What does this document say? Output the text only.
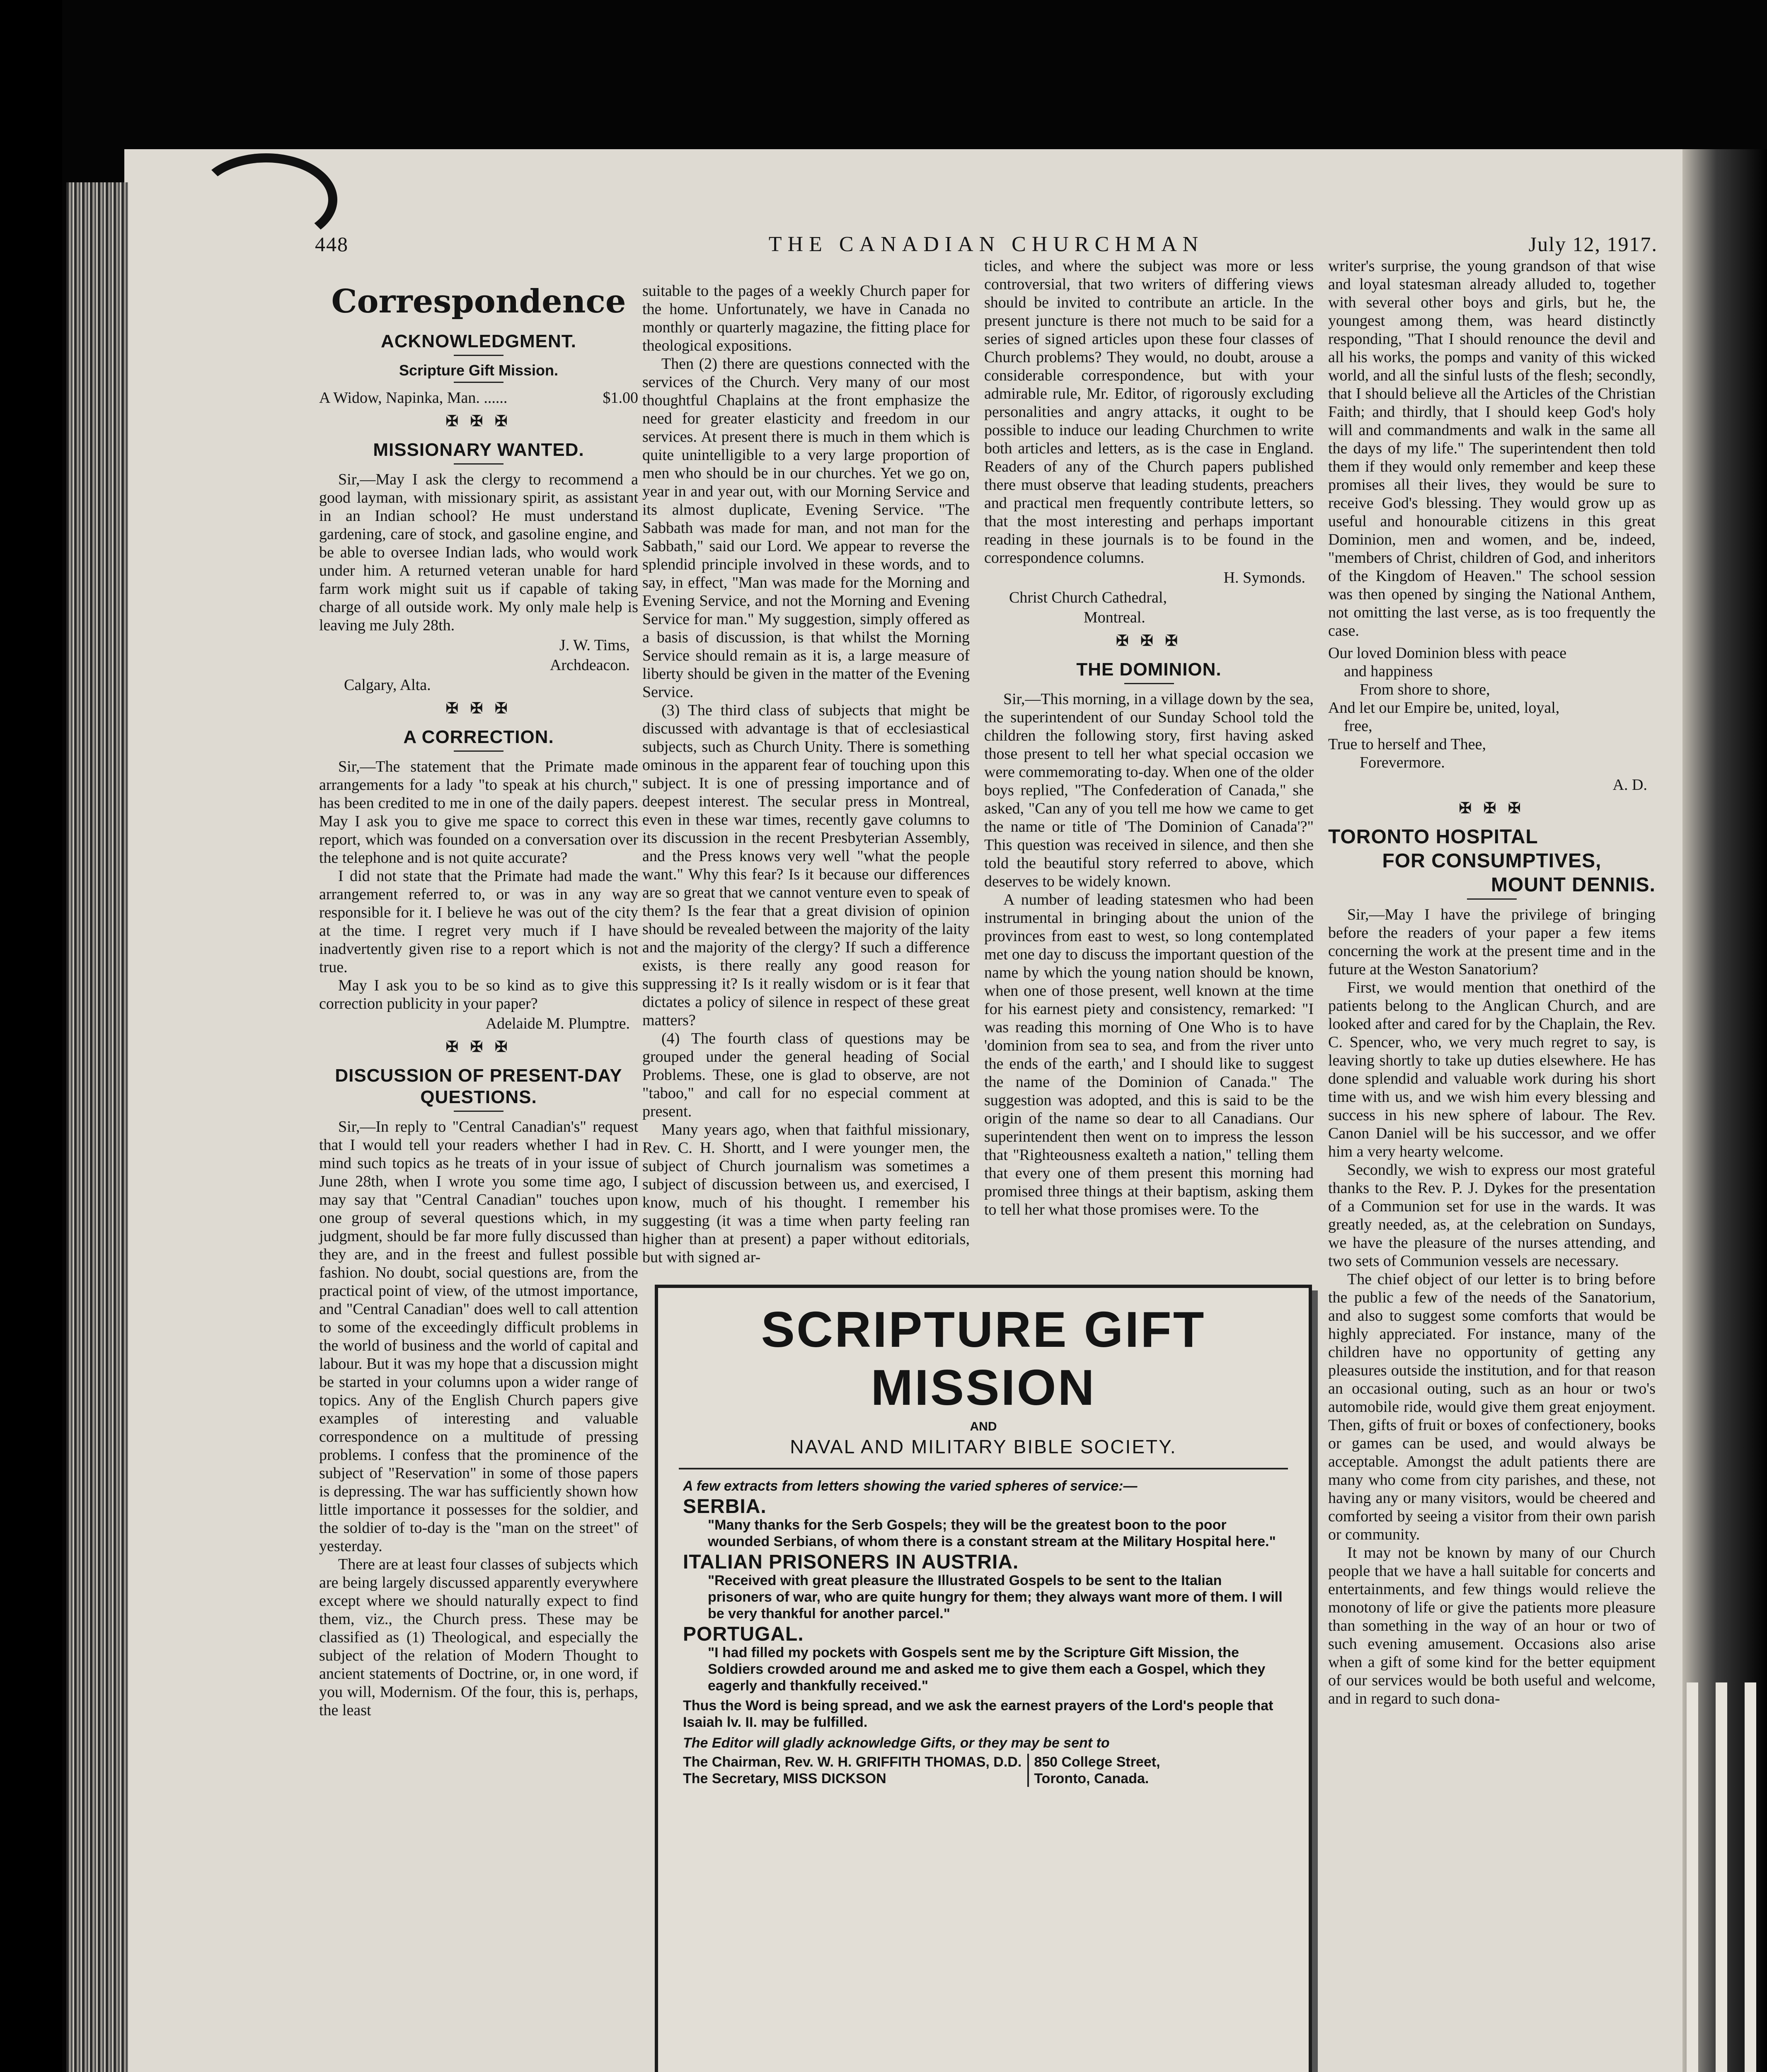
448	THE CANADIAN CHURCHMAN	July 12, 1917.
Correspondence
ACKNOWLEDGMENT.
Scripture Gift Mission.
A Widow, Napinka, Man. ......	$1.00
✠ ✠ ✠
MISSIONARY WANTED.

Sir,—May I ask the clergy to recommend a good layman, with missionary spirit, as assistant in an Indian school? He must understand gardening, care of stock, and gasoline engine, and be able to oversee Indian lads, who would work under him. A returned veteran unable for hard farm work might suit us if capable of taking charge of all outside work. My only male help is leaving me July 28th.

J. W. Tims,
Archdeacon.
Calgary, Alta.
✠ ✠ ✠
A CORRECTION.

Sir,—The statement that the Primate made arrangements for a lady "to speak at his church," has been credited to me in one of the daily papers. May I ask you to give me space to correct this report, which was founded on a conversation over the telephone and is not quite accurate?

I did not state that the Primate had made the arrangement referred to, or was in any way responsible for it. I believe he was out of the city at the time. I regret very much if I have inadvertently given rise to a report which is not true.

May I ask you to be so kind as to give this correction publicity in your paper?

Adelaide M. Plumptre.
✠ ✠ ✠
DISCUSSION OF PRESENT-DAY QUESTIONS.

Sir,—In reply to "Central Canadian's" request that I would tell your readers whether I had in mind such topics as he treats of in your issue of June 28th, when I wrote you some time ago, I may say that "Central Canadian" touches upon one group of several questions which, in my judgment, should be far more fully discussed than they are, and in the freest and fullest possible fashion. No doubt, social questions are, from the practical point of view, of the utmost importance, and "Central Canadian" does well to call attention to some of the exceedingly difficult problems in the world of business and the world of capital and labour. But it was my hope that a discussion might be started in your columns upon a wider range of topics. Any of the English Church papers give examples of interesting and valuable correspondence on a multitude of pressing problems. I confess that the prominence of the subject of "Reservation" in some of those papers is depressing. The war has sufficiently shown how little importance it possesses for the soldier, and the soldier of to-day is the "man on the street" of yesterday.

There are at least four classes of subjects which are being largely discussed apparently everywhere except where we should naturally expect to find them, viz., the Church press. These may be classified as (1) Theological, and especially the subject of the relation of Modern Thought to ancient statements of Doctrine, or, in one word, if you will, Modernism. Of the four, this is, perhaps, the least

suitable to the pages of a weekly Church paper for the home. Unfortunately, we have in Canada no monthly or quarterly magazine, the fitting place for theological expositions.

Then (2) there are questions connected with the services of the Church. Very many of our most thoughtful Chaplains at the front emphasize the need for greater elasticity and freedom in our services. At present there is much in them which is quite unintelligible to a very large proportion of men who should be in our churches. Yet we go on, year in and year out, with our Morning Service and its almost duplicate, Evening Service. "The Sabbath was made for man, and not man for the Sabbath," said our Lord. We appear to reverse the splendid principle involved in these words, and to say, in effect, "Man was made for the Morning and Evening Service, and not the Morning and Evening Service for man." My suggestion, simply offered as a basis of discussion, is that whilst the Morning Service should remain as it is, a large measure of liberty should be given in the matter of the Evening Service.

(3) The third class of subjects that might be discussed with advantage is that of ecclesiastical subjects, such as Church Unity. There is something ominous in the apparent fear of touching upon this subject. It is one of pressing importance and of deepest interest. The secular press in Montreal, even in these war times, recently gave columns to its discussion in the recent Presbyterian Assembly, and the Press knows very well "what the people want." Why this fear? Is it because our differences are so great that we cannot venture even to speak of them? Is the fear that a great division of opinion should be revealed between the majority of the laity and the majority of the clergy? If such a difference exists, is there really any good reason for suppressing it? Is it really wisdom or is it fear that dictates a policy of silence in respect of these great matters?

(4) The fourth class of questions may be grouped under the general heading of Social Problems. These, one is glad to observe, are not "taboo," and call for no especial comment at present.

Many years ago, when that faithful missionary, Rev. C. H. Shortt, and I were younger men, the subject of Church journalism was sometimes a subject of discussion between us, and exercised, I know, much of his thought. I remember his suggesting (it was a time when party feeling ran higher than at present) a paper without editorials, but with signed ar-

ticles, and where the subject was more or less controversial, that two writers of differing views should be invited to contribute an article. In the present juncture is there not much to be said for a series of signed articles upon these four classes of Church problems? They would, no doubt, arouse a considerable correspondence, but with your admirable rule, Mr. Editor, of rigorously excluding personalities and angry attacks, it ought to be possible to induce our leading Churchmen to write both articles and letters, as is the case in England. Readers of any of the Church papers published there must observe that leading students, preachers and practical men frequently contribute letters, so that the most interesting and perhaps important reading in these journals is to be found in the correspondence columns.

H. Symonds.
Christ Church Cathedral,
Montreal.
✠ ✠ ✠
THE DOMINION.

Sir,—This morning, in a village down by the sea, the superintendent of our Sunday School told the children the following story, first having asked those present to tell her what special occasion we were commemorating to-day. When one of the older boys replied, "The Confederation of Canada," she asked, "Can any of you tell me how we came to get the name or title of 'The Dominion of Canada'?" This question was received in silence, and then she told the beautiful story referred to above, which deserves to be widely known.

A number of leading statesmen who had been instrumental in bringing about the union of the provinces from east to west, so long contemplated met one day to discuss the important question of the name by which the young nation should be known, when one of those present, well known at the time for his earnest piety and consistency, remarked: "I was reading this morning of One Who is to have 'dominion from sea to sea, and from the river unto the ends of the earth,' and I should like to suggest the name of the Dominion of Canada." The suggestion was adopted, and this is said to be the origin of the name so dear to all Canadians. Our superintendent then went on to impress the lesson that "Righteousness exalteth a nation," telling them that every one of them present this morning had promised three things at their baptism, asking them to tell her what those promises were. To the

writer's surprise, the young grandson of that wise and loyal statesman already alluded to, together with several other boys and girls, but he, the youngest among them, was heard distinctly responding, "That I should renounce the devil and all his works, the pomps and vanity of this wicked world, and all the sinful lusts of the flesh; secondly, that I should believe all the Articles of the Christian Faith; and thirdly, that I should keep God's holy will and commandments and walk in the same all the days of my life." The superintendent then told them if they would only remember and keep these promises all their lives, they would be sure to receive God's blessing. They would grow up as useful and honourable citizens in this great Dominion, men and women, and be, indeed, "members of Christ, children of God, and inheritors of the Kingdom of Heaven." The school session was then opened by singing the National Anthem, not omitting the last verse, as is too frequently the case.

Our loved Dominion bless with peace
and happiness
From shore to shore,
And let our Empire be, united, loyal,
free,
True to herself and Thee,
Forevermore.
A. D.
✠ ✠ ✠
TORONTO HOSPITAL
FOR CONSUMPTIVES,
MOUNT DENNIS.

Sir,—May I have the privilege of bringing before the readers of your paper a few items concerning the work at the present time and in the future at the Weston Sanatorium?

First, we would mention that onethird of the patients belong to the Anglican Church, and are looked after and cared for by the Chaplain, the Rev. C. Spencer, who, we very much regret to say, is leaving shortly to take up duties elsewhere. He has done splendid and valuable work during his short time with us, and we wish him every blessing and success in his new sphere of labour. The Rev. Canon Daniel will be his successor, and we offer him a very hearty welcome.

Secondly, we wish to express our most grateful thanks to the Rev. P. J. Dykes for the presentation of a Communion set for use in the wards. It was greatly needed, as, at the celebration on Sundays, we have the pleasure of the nurses attending, and two sets of Communion vessels are necessary.

The chief object of our letter is to bring before the public a few of the needs of the Sanatorium, and also to suggest some comforts that would be highly appreciated. For instance, many of the children have no opportunity of getting any pleasures outside the institution, and for that reason an occasional outing, such as an hour or two's automobile ride, would give them great enjoyment. Then, gifts of fruit or boxes of confectionery, books or games can be used, and would always be acceptable. Amongst the adult patients there are many who come from city parishes, and these, not having any or many visitors, would be cheered and comforted by seeing a visitor from their own parish or community.

It may not be known by many of our Church people that we have a hall suitable for concerts and entertainments, and few things would relieve the monotony of life or give the patients more pleasure than something in the way of an hour or two of such evening amusement. Occasions also arise when a gift of some kind for the better equipment of our services would be both useful and welcome, and in regard to such dona-

SCRIPTURE GIFT MISSION
AND
NAVAL AND MILITARY BIBLE SOCIETY.
A few extracts from letters showing the varied spheres of service:—
SERBIA.
"Many thanks for the Serb Gospels; they will be the greatest boon to the poor wounded Serbians, of whom there is a constant stream at the Military Hospital here."
ITALIAN PRISONERS IN AUSTRIA.
"Received with great pleasure the Illustrated Gospels to be sent to the Italian prisoners of war, who are quite hungry for them; they always want more of them. I will be very thankful for another parcel."
PORTUGAL.
"I had filled my pockets with Gospels sent me by the Scripture Gift Mission, the Soldiers crowded around me and asked me to give them each a Gospel, which they eagerly and thankfully received."
Thus the Word is being spread, and we ask the earnest prayers of the Lord's people that Isaiah lv. II. may be fulfilled.
The Editor will gladly acknowledge Gifts, or they may be sent to
The Chairman, Rev. W. H. GRIFFITH THOMAS, D.D.
The Secretary, MISS DICKSON
850 College Street,
Toronto, Canada.
